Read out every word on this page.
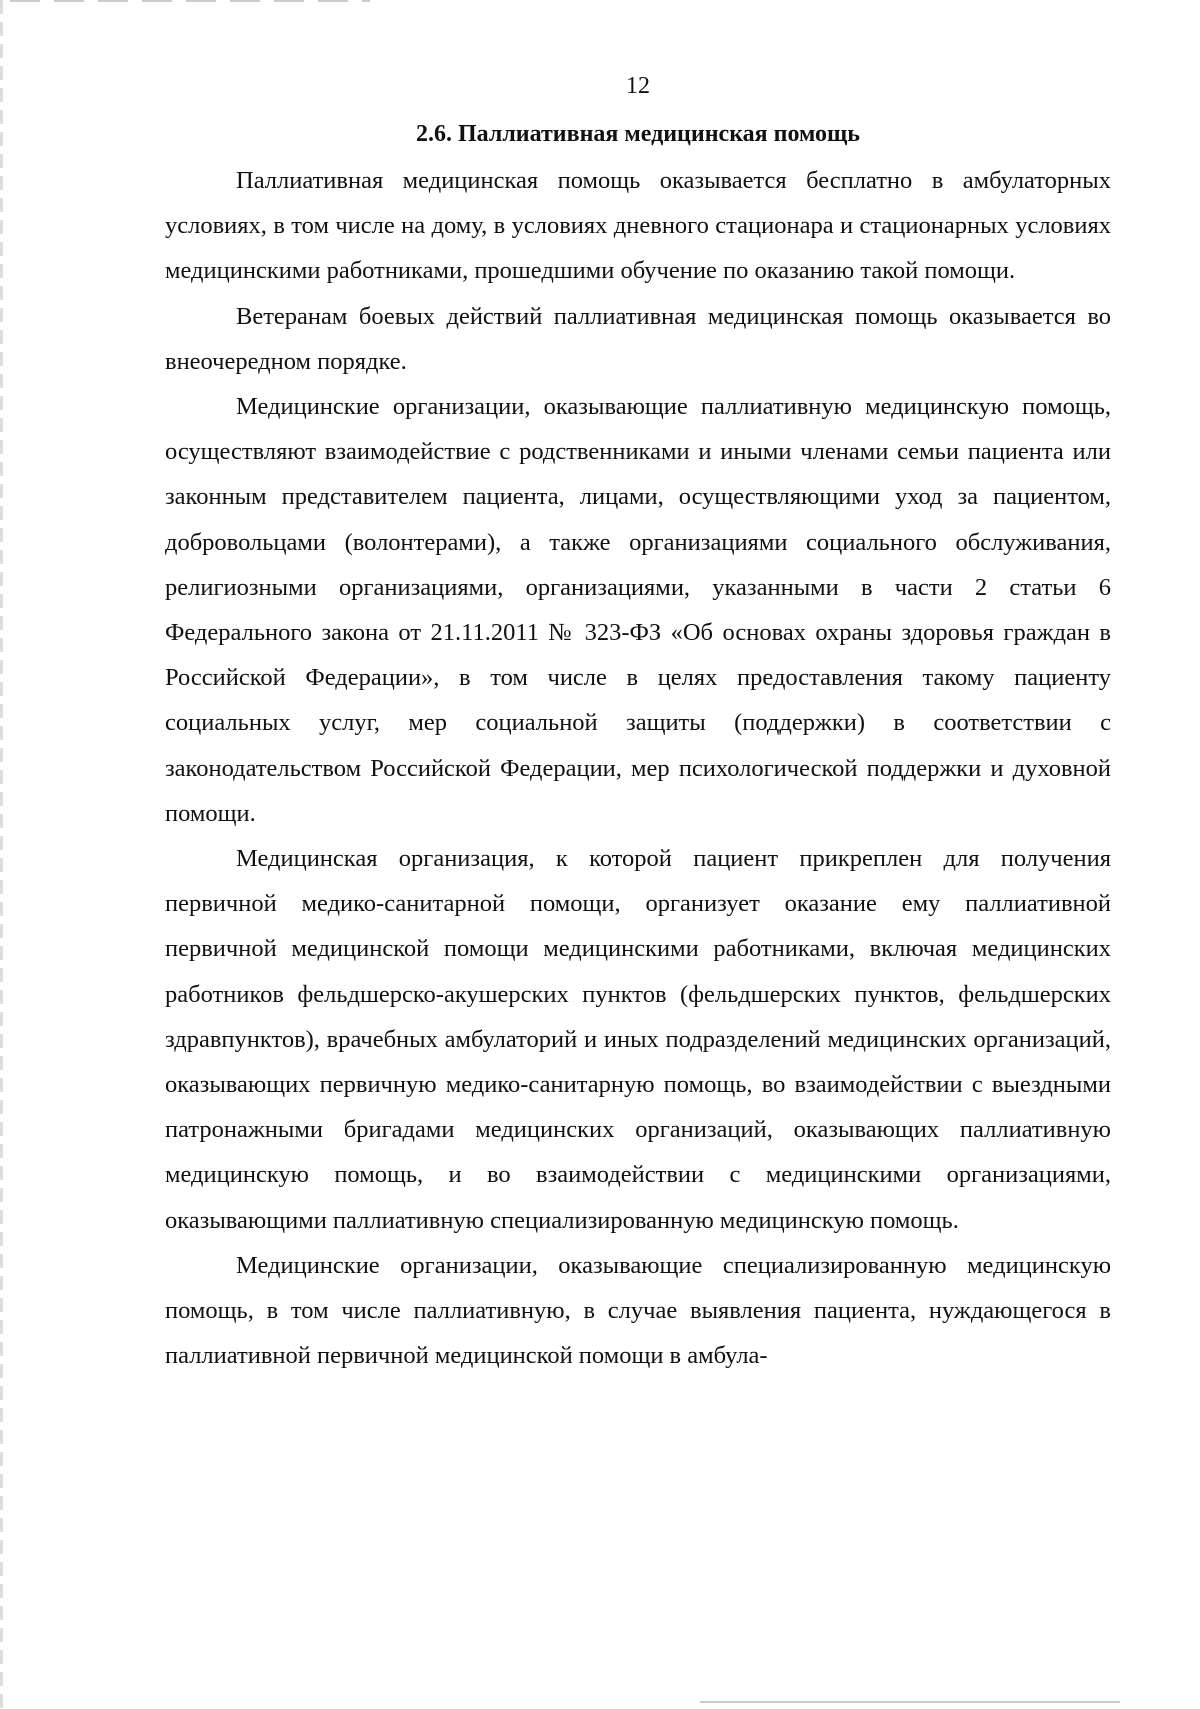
12
2.6. Паллиативная медицинская помощь

Паллиативная медицинская помощь оказывается бесплатно в амбулаторных условиях, в том числе на дому, в условиях дневного стационара и стационарных условиях медицинскими работниками, прошедшими обучение по оказанию такой помощи.

Ветеранам боевых действий паллиативная медицинская помощь оказывается во внеочередном порядке.

Медицинские организации, оказывающие паллиативную медицинскую помощь, осуществляют взаимодействие с родственниками и иными членами семьи пациента или законным представителем пациента, лицами, осуществляющими уход за пациентом, добровольцами (волонтерами), а также организациями социального обслуживания, религиозными организациями, организациями, указанными в части 2 статьи 6 Федерального закона от 21.11.2011 № 323-ФЗ «Об основах охраны здоровья граждан в Российской Федерации», в том числе в целях предоставления такому пациенту социальных услуг, мер социальной защиты (поддержки) в соответствии с законодательством Российской Федерации, мер психологической поддержки и духовной помощи.

Медицинская организация, к которой пациент прикреплен для получения первичной медико-санитарной помощи, организует оказание ему паллиативной первичной медицинской помощи медицинскими работниками, включая медицинских работников фельдшерско-акушерских пунктов (фельдшерских пунктов, фельдшерских здравпунктов), врачебных амбулаторий и иных подразделений медицинских организаций, оказывающих первичную медико-санитарную помощь, во взаимодействии с выездными патронажными бригадами медицинских организаций, оказывающих паллиативную медицинскую помощь, и во взаимодействии с медицинскими организациями, оказывающими паллиативную специализированную медицинскую помощь.

Медицинские организации, оказывающие специализированную медицинскую помощь, в том числе паллиативную, в случае выявления пациента, нуждающегося в паллиативной первичной медицинской помощи в амбула-
